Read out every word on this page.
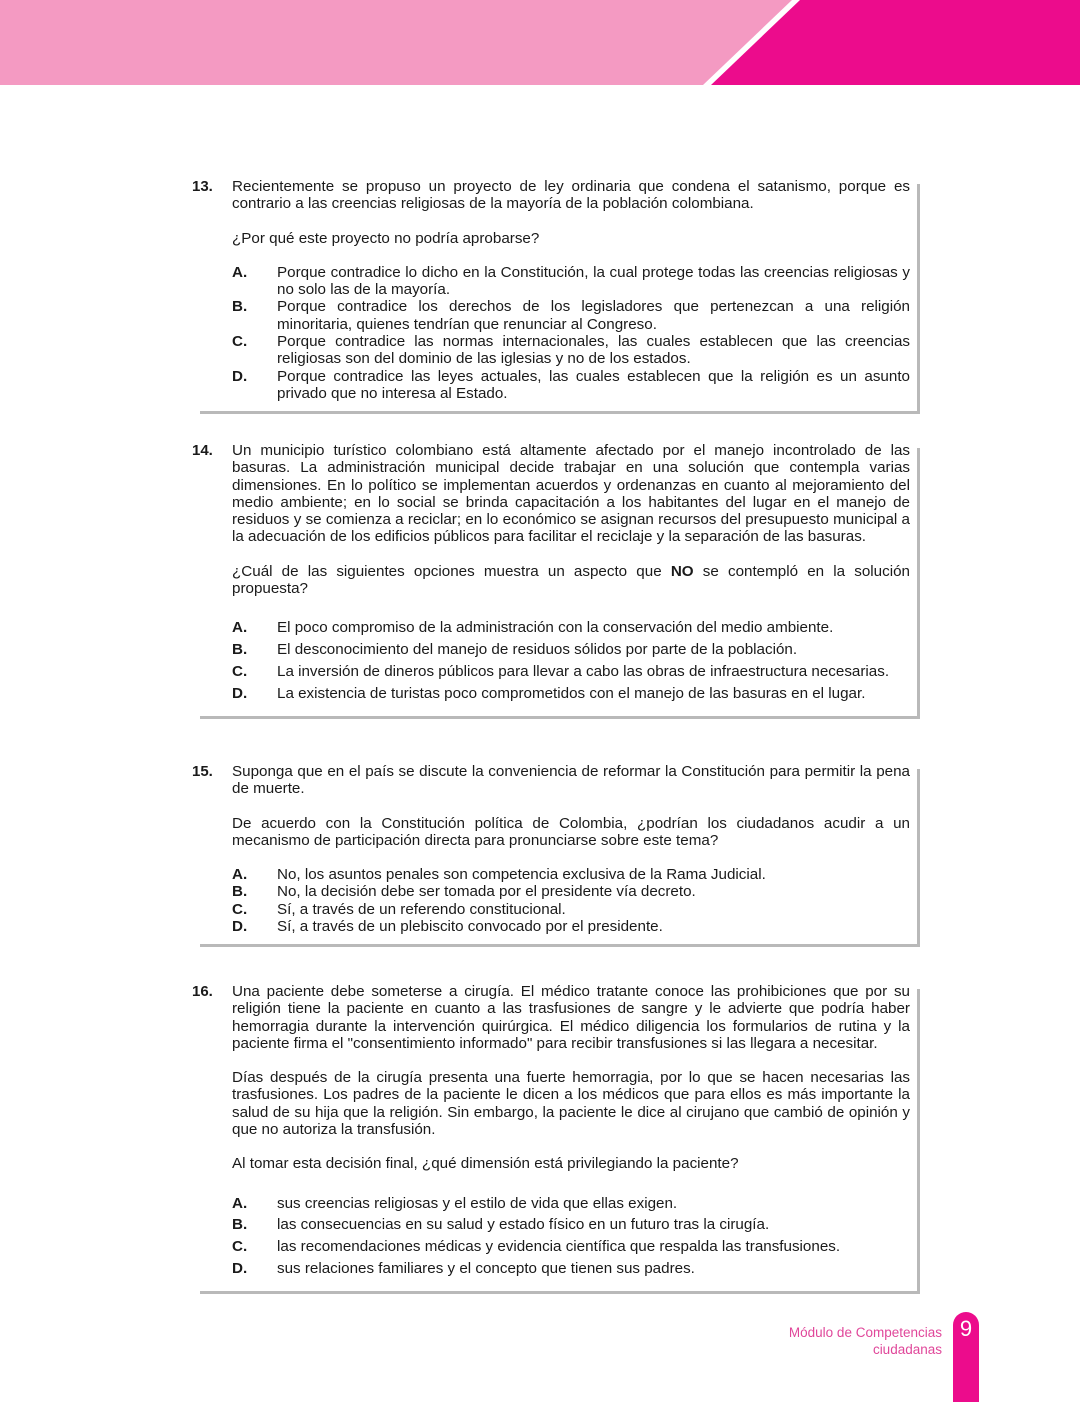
13. Recientemente se propuso un proyecto de ley ordinaria que condena el satanismo, porque es contrario a las creencias religiosas de la mayoría de la población colombiana.

¿Por qué este proyecto no podría aprobarse?

A.	Porque contradice lo dicho en la Constitución, la cual protege todas las creencias religiosas y no solo las de la mayoría.
B.	Porque contradice los derechos de los legisladores que pertenezcan a una religión minoritaria, quienes tendrían que renunciar al Congreso.
C.	Porque contradice las normas internacionales, las cuales establecen que las creencias religiosas son del dominio de las iglesias y no de los estados.
D.	Porque contradice las leyes actuales, las cuales establecen que la religión es un asunto privado que no interesa al Estado.
14. Un municipio turístico colombiano está altamente afectado por el manejo incontrolado de las basuras. La administración municipal decide trabajar en una solución que contempla varias dimensiones. En lo político se implementan acuerdos y ordenanzas en cuanto al mejoramiento del medio ambiente; en lo social se brinda capacitación a los habitantes del lugar en el manejo de residuos y se comienza a reciclar; en lo económico se asignan recursos del presupuesto municipal a la adecuación de los edificios públicos para facilitar el reciclaje y la separación de las basuras.

¿Cuál de las siguientes opciones muestra un aspecto que NO se contempló en la solución propuesta?

A.	El poco compromiso de la administración con la conservación del medio ambiente.
B.	El desconocimiento del manejo de residuos sólidos por parte de la población.
C.	La inversión de dineros públicos para llevar a cabo las obras de infraestructura necesarias.
D.	La existencia de turistas poco comprometidos con el manejo de las basuras en el lugar.
15. Suponga que en el país se discute la conveniencia de reformar la Constitución para permitir la pena de muerte.

De acuerdo con la Constitución política de Colombia, ¿podrían los ciudadanos acudir a un mecanismo de participación directa para pronunciarse sobre este tema?

A.	No, los asuntos penales son competencia exclusiva de la Rama Judicial.
B.	No, la decisión debe ser tomada por el presidente vía decreto.
C.	Sí, a través de un referendo constitucional.
D.	Sí, a través de un plebiscito convocado por el presidente.
16. Una paciente debe someterse a cirugía. El médico tratante conoce las prohibiciones que por su religión tiene la paciente en cuanto a las trasfusiones de sangre y le advierte que podría haber hemorragia durante la intervención quirúrgica. El médico diligencia los formularios de rutina y la paciente firma el "consentimiento informado" para recibir transfusiones si las llegara a necesitar.

Días después de la cirugía presenta una fuerte hemorragia, por lo que se hacen necesarias las trasfusiones. Los padres de la paciente le dicen a los médicos que para ellos es más importante la salud de su hija que la religión. Sin embargo, la paciente le dice al cirujano que cambió de opinión y que no autoriza la transfusión.

Al tomar esta decisión final, ¿qué dimensión está privilegiando la paciente?

A.	sus creencias religiosas y el estilo de vida que ellas exigen.
B.	las consecuencias en su salud y estado físico en un futuro tras la cirugía.
C.	las recomendaciones médicas y evidencia científica que respalda las transfusiones.
D.	sus relaciones familiares y el concepto que tienen sus padres.
Módulo de Competencias
ciudadanas
9
